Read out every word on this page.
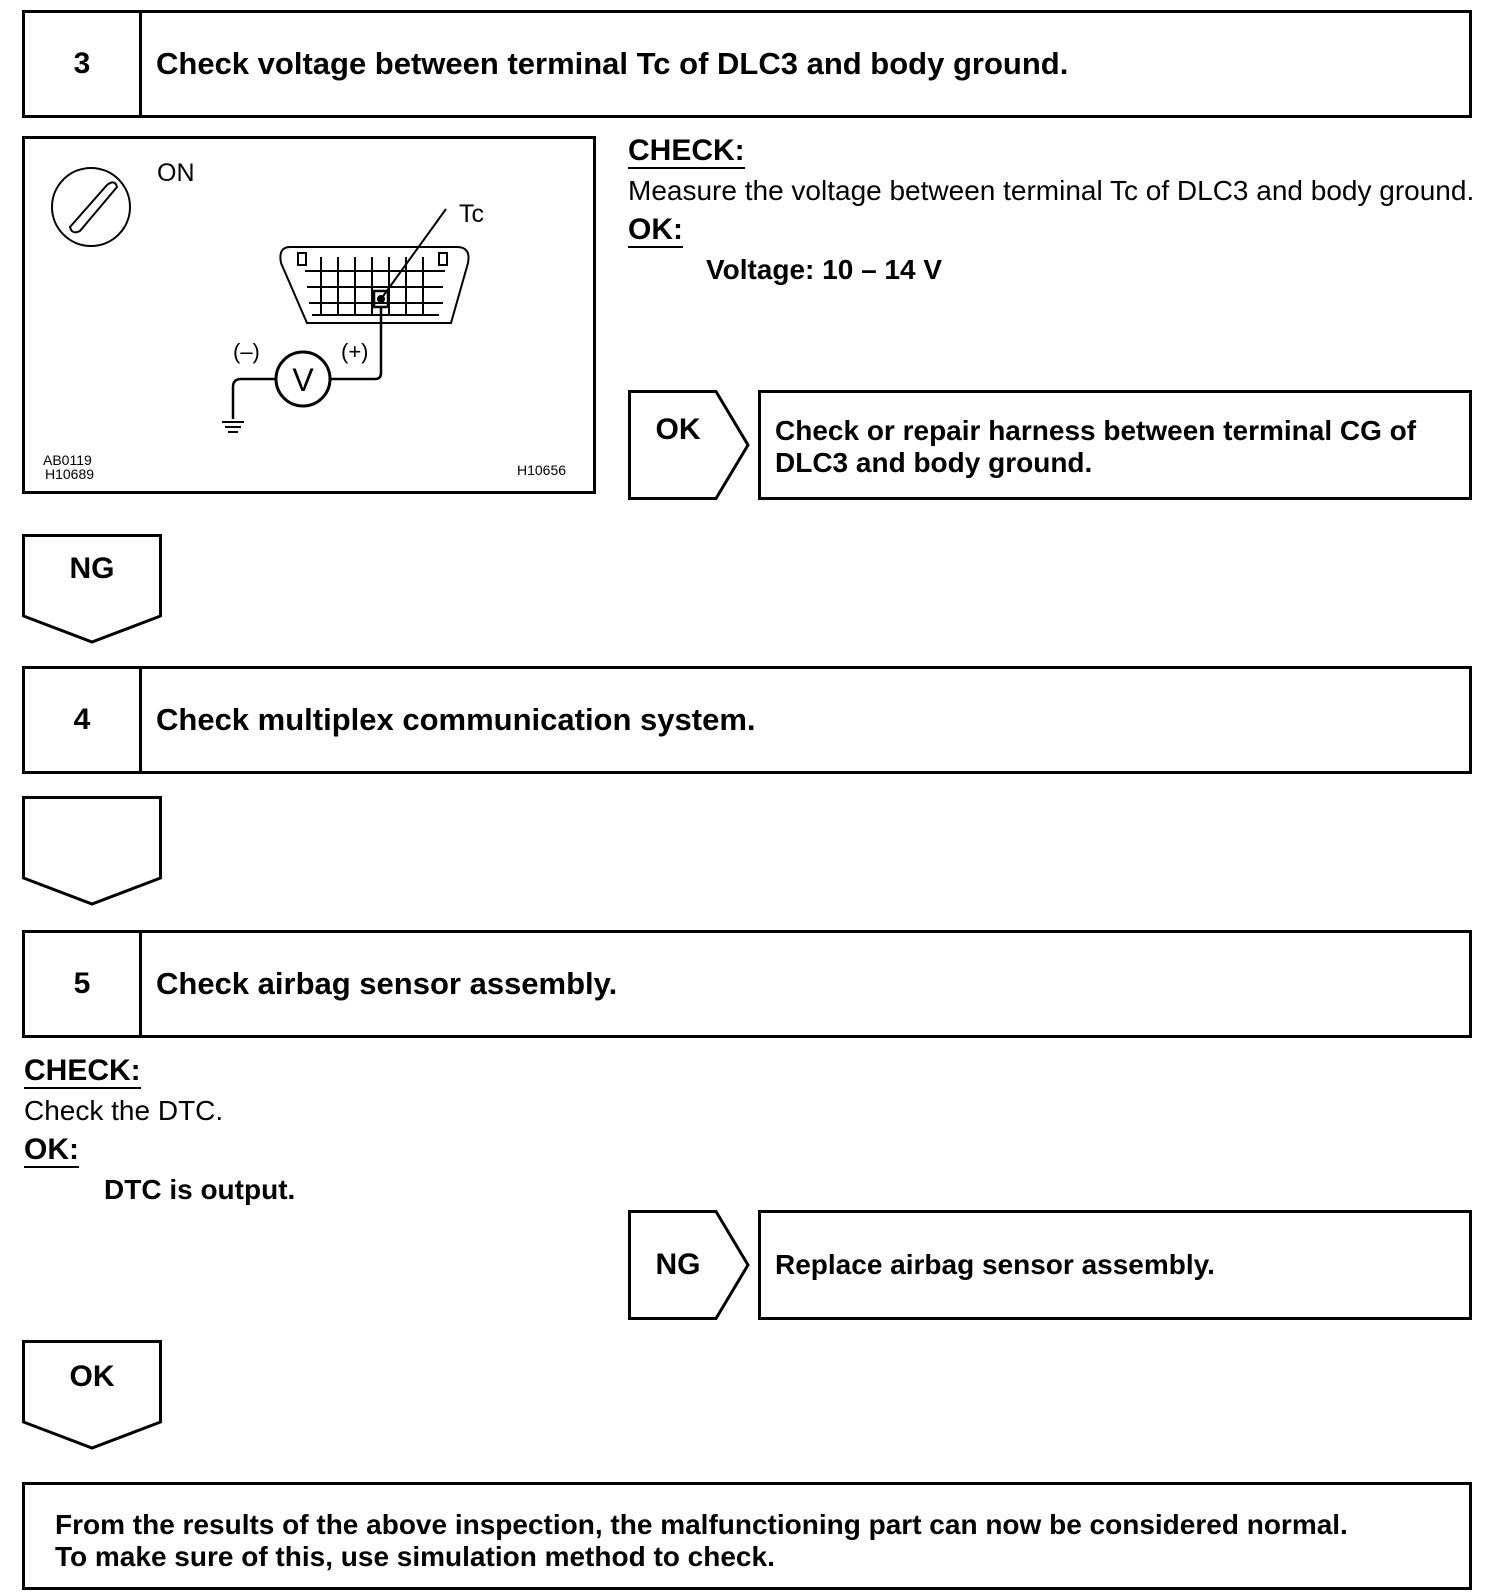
3	Check voltage between terminal Tc of DLC3 and body ground.
ON
Tc
V
(–)	(+)
AB0119
H10689	H10656
CHECK:
Measure the voltage between terminal Tc of DLC3 and body ground.
OK:
Voltage: 10 – 14 V
OK	Check or repair harness between terminal CG of DLC3 and body ground.
NG
4	Check multiplex communication system.
5	Check airbag sensor assembly.
CHECK:
Check the DTC.
OK:
DTC is output.
NG	Replace airbag sensor assembly.
OK
From the results of the above inspection, the malfunctioning part can now be considered normal.
To make sure of this, use simulation method to check.
